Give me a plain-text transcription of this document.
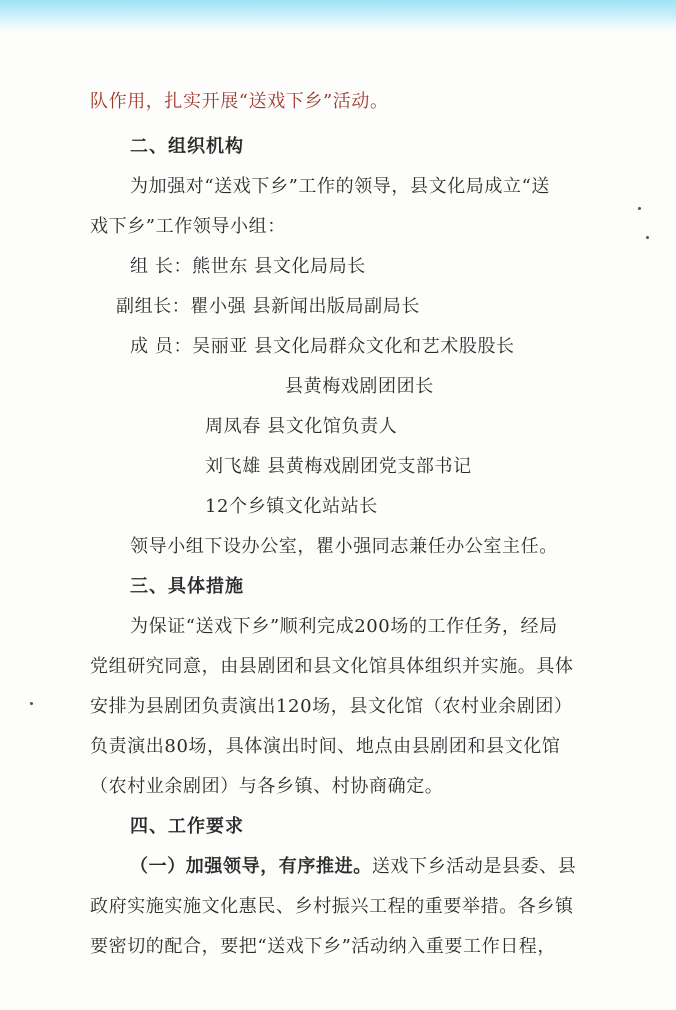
队作用，扎实开展“送戏下乡”活动。
二、组织机构
为加强对“送戏下乡”工作的领导，县文化局成立“送
戏下乡”工作领导小组：
组 长：熊世东 县文化局局长
副组长：瞿小强 县新闻出版局副局长
成 员：吴丽亚 县文化局群众文化和艺术股股长
县黄梅戏剧团团长
周凤春 县文化馆负责人
刘飞雄 县黄梅戏剧团党支部书记
12个乡镇文化站站长
领导小组下设办公室，瞿小强同志兼任办公室主任。
三、具体措施
为保证“送戏下乡”顺利完成200场的工作任务，经局
党组研究同意，由县剧团和县文化馆具体组织并实施。具体
安排为县剧团负责演出120场，县文化馆（农村业余剧团）
负责演出80场，具体演出时间、地点由县剧团和县文化馆
（农村业余剧团）与各乡镇、村协商确定。
四、工作要求
（一）加强领导，有序推进。送戏下乡活动是县委、县
政府实施实施文化惠民、乡村振兴工程的重要举措。各乡镇
要密切的配合，要把“送戏下乡”活动纳入重要工作日程，
